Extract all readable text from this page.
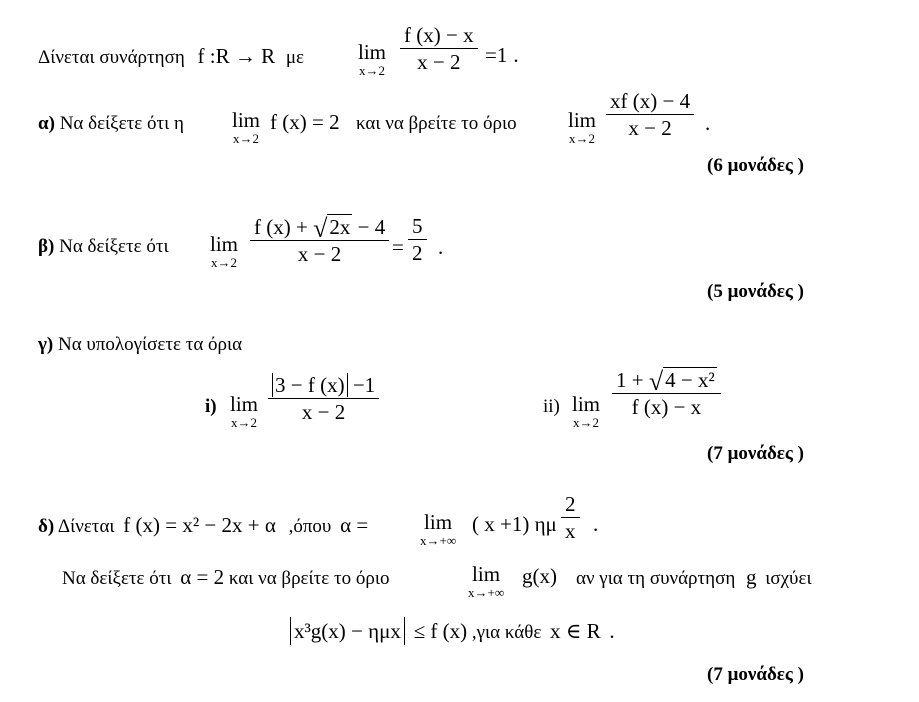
Δίνεται συνάρτηση f :R → R με	lim
x→2
f (x) − x
x − 2	=1 .
α) Να δείξετε ότι η lim
x→2
f (x) = 2 και να βρείτε το όριο lim
x→2
xf (x) − 4
x − 2	.
(6 μονάδες )
β) Να δείξετε ότι lim
x→2
f (x) + √2x − 4
x − 2	=
5
2 .
(5 μονάδες )
γ) Να υπολογίσετε τα όρια
i) lim
x→2
3 − f (x) −1
x − 2	ii) lim
x→2
1 + √4 − x²
f (x) − x
(7 μονάδες )
δ) Δίνεται f (x) = x² − 2x + α ,όπου α =	lim
x→+∞
( x +1) ημ
2
x .
Να δείξετε ότι α = 2 και να βρείτε το όριο	lim
x→+∞
g(x) αν για τη συνάρτηση g ισχύει
x³g(x) − ημx ≤ f (x) ,για κάθε x ∈ R .
(7 μονάδες )
